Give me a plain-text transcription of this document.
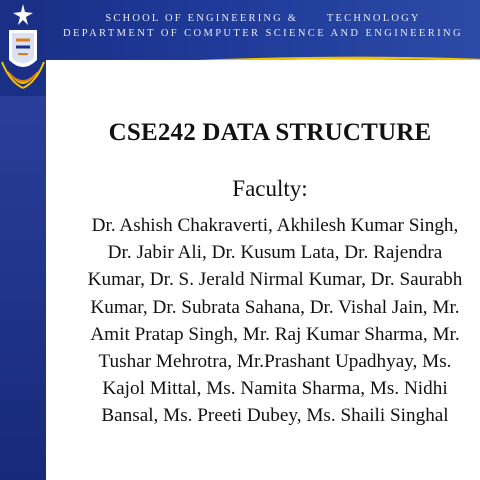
SCHOOL OF ENGINEERING &      TECHNOLOGY
DEPARTMENT OF COMPUTER SCIENCE AND ENGINEERING
CSE242 DATA STRUCTURE
Faculty:
Dr. Ashish Chakraverti, Akhilesh Kumar Singh,
Dr. Jabir Ali, Dr. Kusum Lata, Dr. Rajendra
Kumar, Dr. S. Jerald Nirmal Kumar, Dr. Saurabh
Kumar, Dr. Subrata Sahana, Dr. Vishal Jain, Mr.
Amit Pratap Singh, Mr. Raj Kumar Sharma, Mr.
Tushar Mehrotra, Mr.Prashant Upadhyay, Ms.
Kajol Mittal, Ms. Namita Sharma, Ms. Nidhi
Bansal, Ms. Preeti Dubey, Ms. Shaili Singhal
